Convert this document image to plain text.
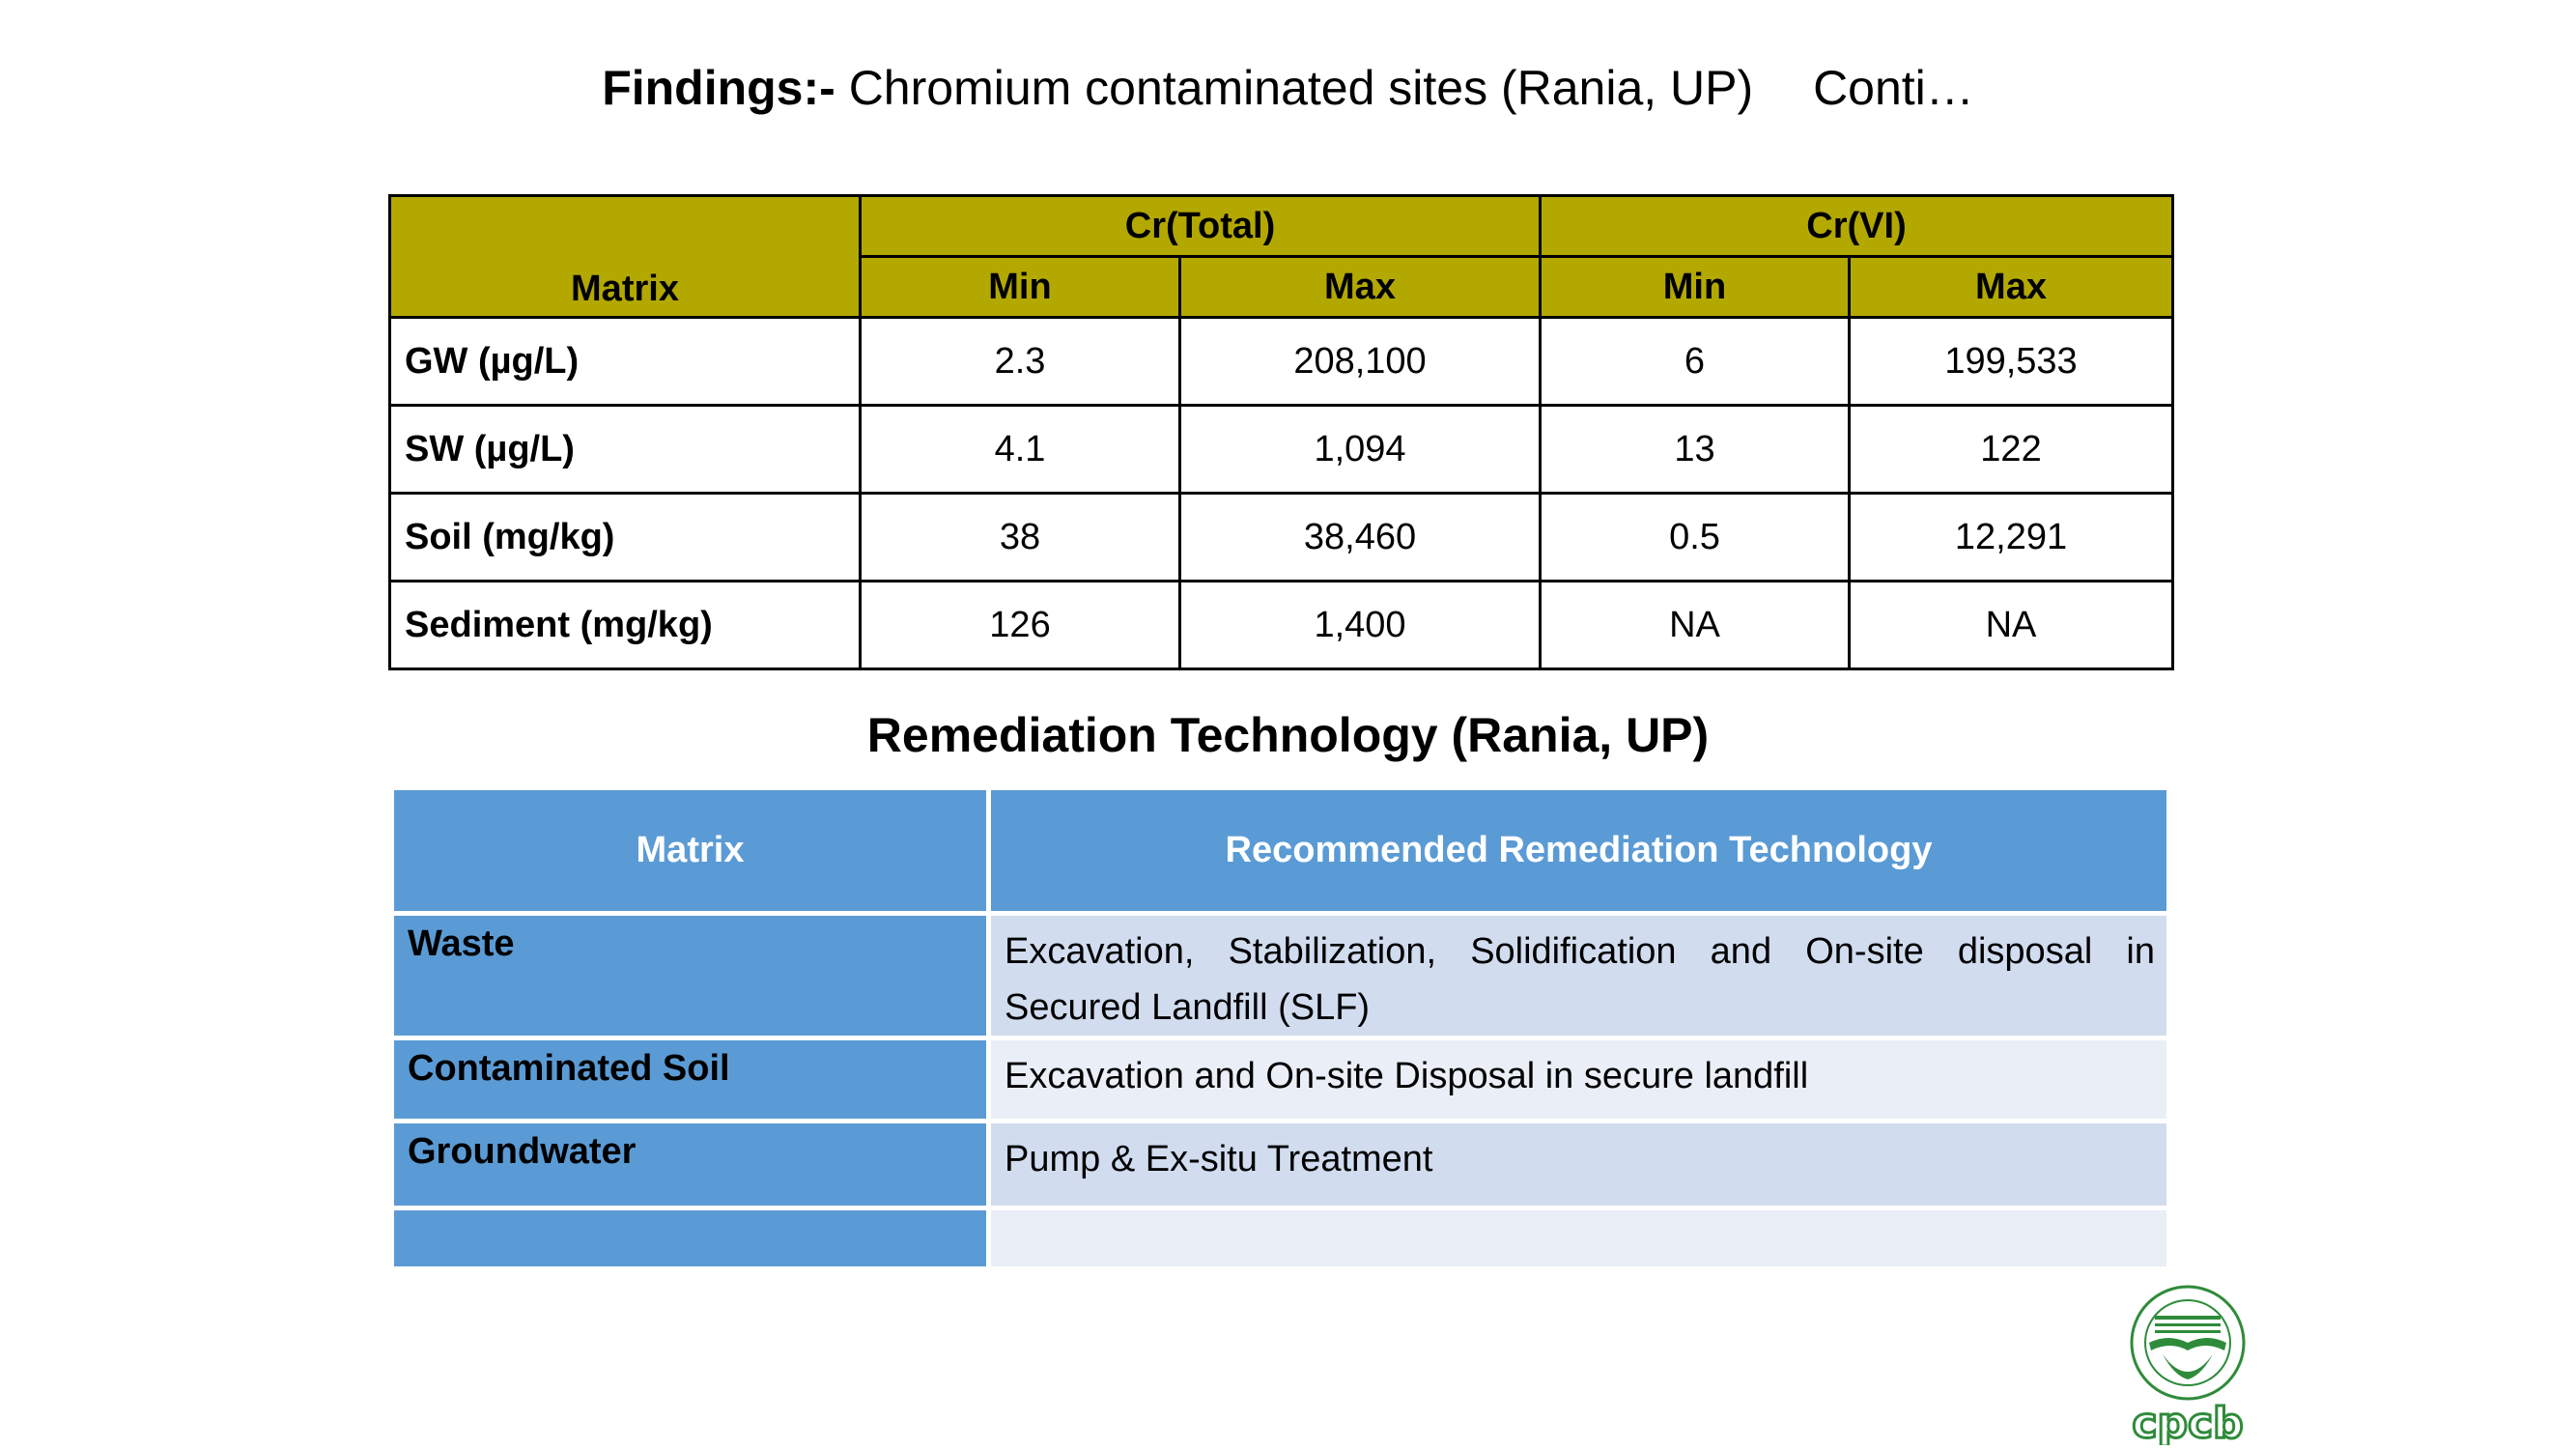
Findings:- Chromium contaminated sites (Rania, UP) Conti…
Matrix	Cr(Total)		Cr(VI)	
	Min	Max	Min	Max
GW (µg/L)	2.3	208,100	6	199,533
SW (µg/L)	4.1	1,094	13	122
Soil (mg/kg)	38	38,460	0.5	12,291
Sediment (mg/kg)	126	1,400	NA	NA
Remediation Technology (Rania, UP)
Matrix	Recommended Remediation Technology
Waste	Excavation, Stabilization, Solidification and On-site disposal in Secured Landfill (SLF)
Contaminated Soil	Excavation and On-site Disposal in secure landfill
Groundwater	Pump & Ex-situ Treatment

cpcb
